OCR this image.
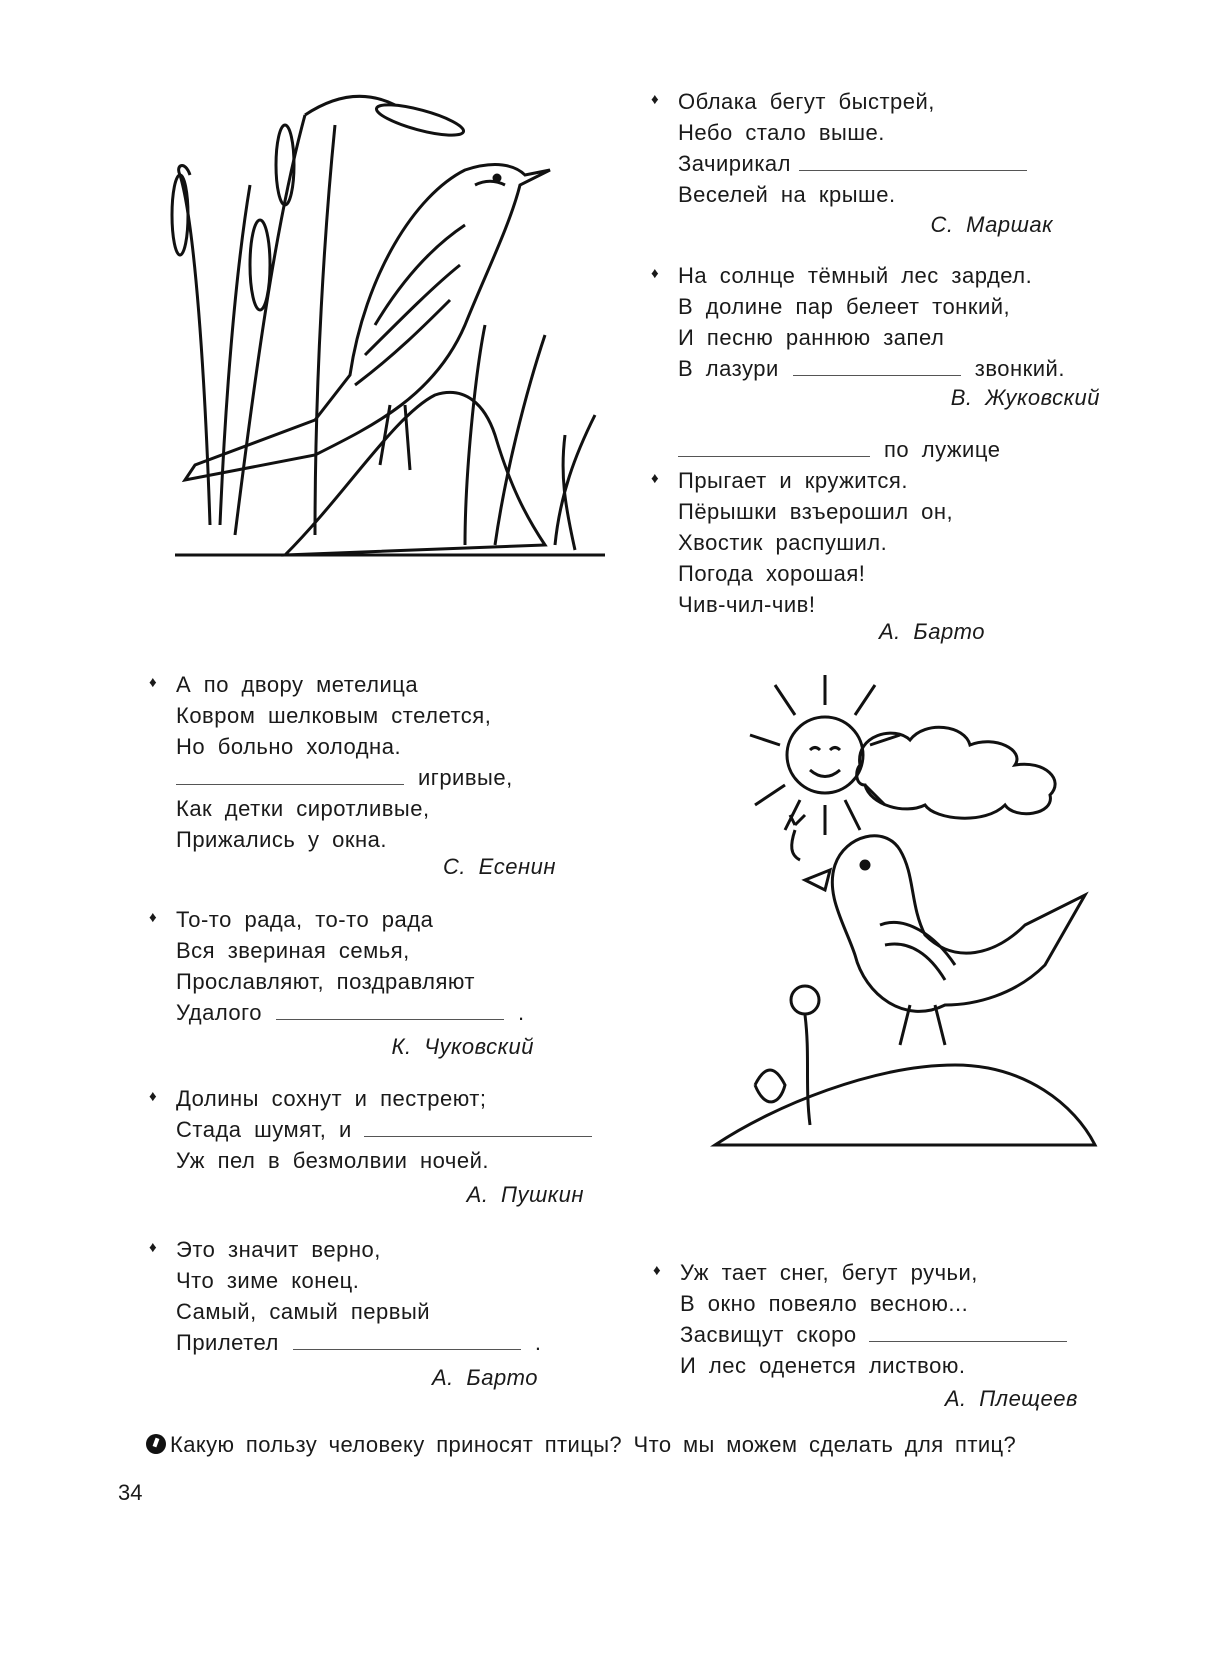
♦ Облака бегут быстрей,
Небо стало выше.
Зачирикал
Веселей на крыше.
С. Маршак
♦ На солнце тёмный лес зардел.
В долине пар белеет тонкий,
И песню раннюю запел
В лазури	звонкий.
В. Жуковский
по лужице
♦ Прыгает и кружится.
Пёрышки взъерошил он,
Хвостик распушил.
Погода хорошая!
Чив-чил-чив!
А. Барто
♦ А по двору метелица
Ковром шелковым стелется,
Но больно холодна.
игривые,
Как детки сиротливые,
Прижались у окна.
С. Есенин
♦ То-то рада, то-то рада
Вся звериная семья,
Прославляют, поздравляют
Удалого	.
К. Чуковский
♦ Долины сохнут и пестреют;
Стада шумят, и
Уж пел в безмолвии ночей.
А. Пушкин
♦ Это значит верно,
Что зиме конец.
Самый, самый первый
Прилетел	.
А. Барто
♦ Уж тает снег, бегут ручьи,
В окно повеяло весною...
Засвищут скоро
И лес оденется листвою.
А. Плещеев
Какую пользу человеку приносят птицы? Что мы можем сделать для птиц?
34
